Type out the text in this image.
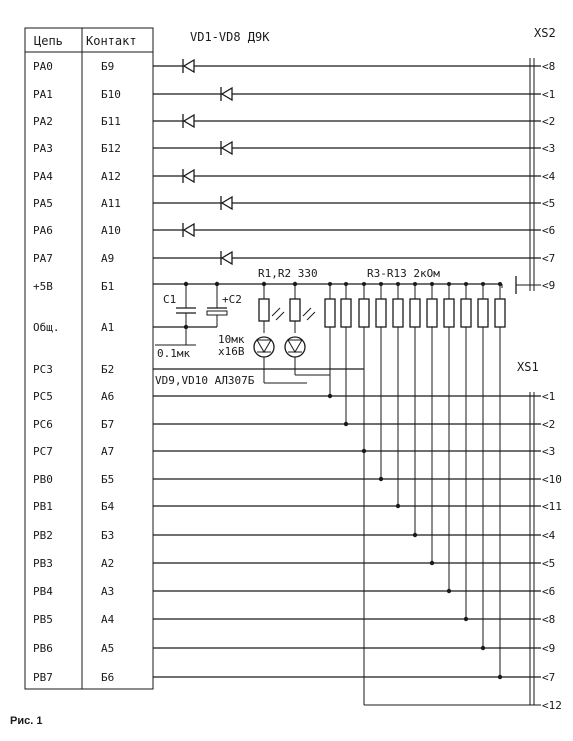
Цепь Контакт
PA0	Б9
PA1	Б10
PA2	Б11
PA3	Б12
PA4	А12
PA5	А11
PA6	А10
PA7	А9
+5В	Б1
Общ.	А1
PC3	Б2
PC5	А6
PC6	Б7
PC7	А7
PB0	Б5
PB1	Б4
PB2	Б3
PB3	А2
PB4	А3
PB5	А4
PB6	А5
PB7	Б6
VD1-VD8 Д9К	XS2
XS1
<8
<1
<2
<3
<4
<5
<6
<7
<9
C1	+C2
0.1мк
10мк
х16В
R1,R2 330	R3-R13 2кОм
VD9,VD10 АЛ307Б
<1
<2
<3
<10
<11
<4
<5
<6
<8
<9
<7
<12
Рис. 1
